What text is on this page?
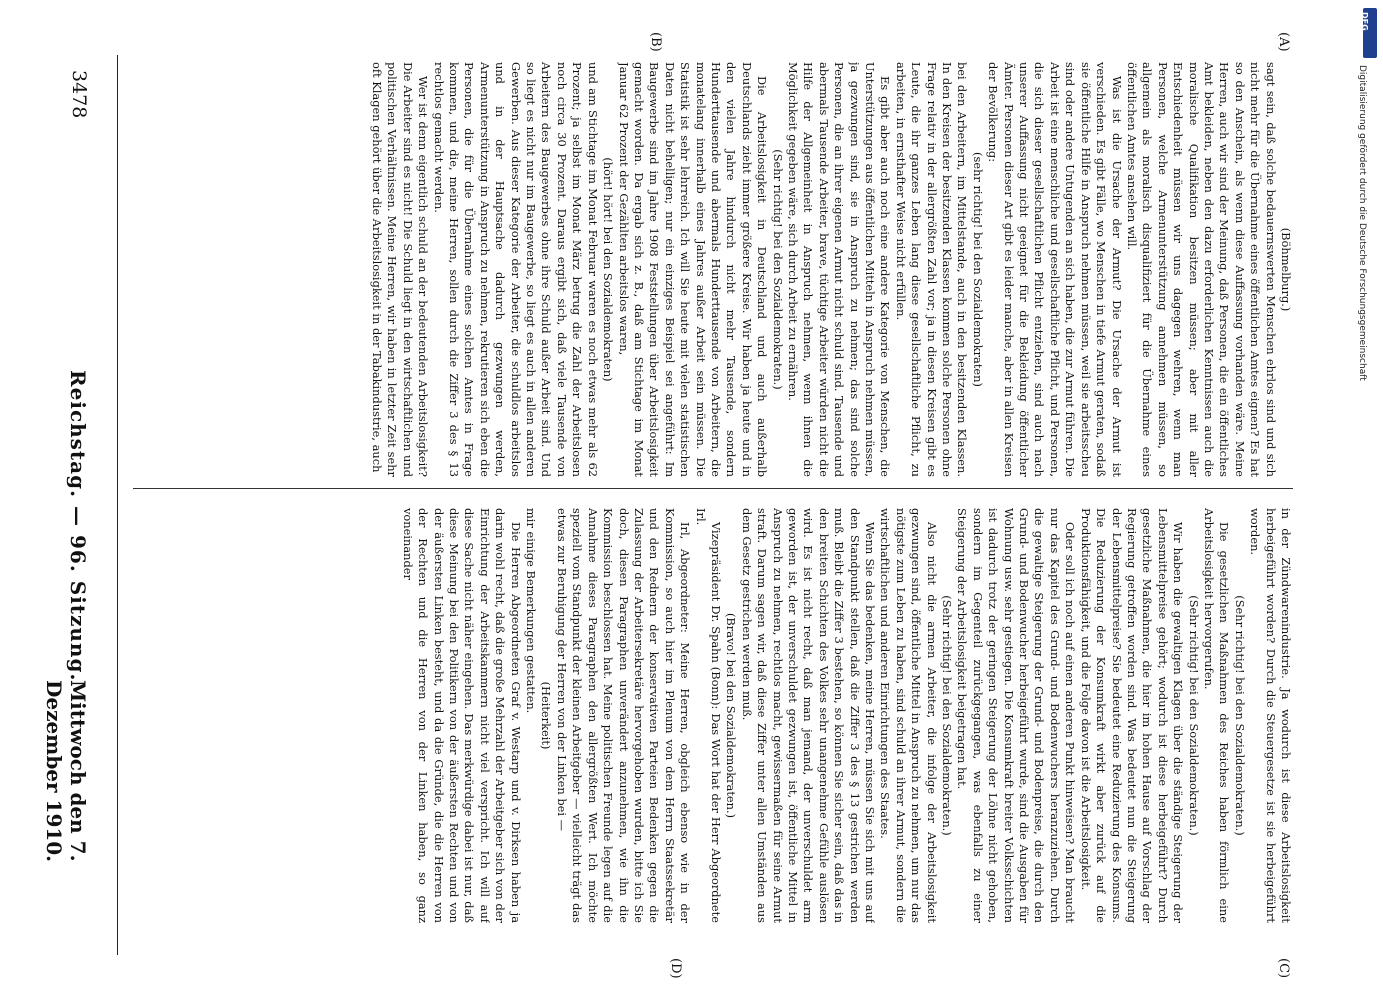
3478
Reichstag. — 96. Sitzung.
Mittwoch den 7. Dezember 1910.
(A)
(B)
(C)
(D)

(Böhmelburg.)

sagt sein, daß solche bedauernswerten Menschen ehrlos sind und sich nicht mehr für die Übernahme eines öffentlichen Amtes eignen? Es hat so den Anschein, als wenn diese Auffassung vorhanden wäre. Meine Herren, auch wir sind der Meinung, daß Personen, die ein öffentliches Amt bekleiden, neben den dazu erforderlichen Kenntnissen auch die moralische Qualifikation besitzen müssen; aber mit aller Entschiedenheit müssen wir uns dagegen wehren, wenn man Personen, welche Armenunterstützung annehmen müssen, so allgemein als moralisch disqualifiziert für die Übernahme eines öffentlichen Amtes ansehen will.

Was ist die Ursache der Armut? Die Ursache der Armut ist verschieden. Es gibt Fälle, wo Menschen in tiefe Armut geraten, sodaß sie öffentliche Hilfe in Anspruch nehmen müssen, weil sie arbeitsscheu sind oder andere Untugenden an sich haben, die zur Armut führen. Die Arbeit ist eine menschliche und gesellschaftliche Pflicht, und Personen, die sich dieser gesellschaftlichen Pflicht entziehen, sind auch nach unserer Auffassung nicht geeignet für die Bekleidung öffentlicher Ämter. Personen dieser Art gibt es leider manche, aber in allen Kreisen der Bevölkerung:

(sehr richtig! bei den Sozialdemokraten)

bei den Arbeitern, im Mittelstande, auch in den besitzenden Klassen. In den Kreisen der besitzenden Klassen kommen solche Personen ohne Frage relativ in der allergrößten Zahl vor; ja in diesen Kreisen gibt es Leute, die ihr ganzes Leben lang diese gesellschaftliche Pflicht, zu arbeiten, in ernsthafter Weise nicht erfüllen.

Es gibt aber auch noch eine andere Kategorie von Menschen, die Unterstützungen aus öffentlichen Mitteln in Anspruch nehmen müssen, ja gezwungen sind, sie in Anspruch zu nehmen; das sind solche Personen, die an ihrer eigenen Armut nicht schuld sind. Tausende und abermals Tausende Arbeiter, brave, tüchtige Arbeiter würden nicht die Hilfe der Allgemeinheit in Anspruch nehmen, wenn ihnen die Möglichkeit gegeben wäre, sich durch Arbeit zu ernähren.

(Sehr richtig! bei den Sozialdemokraten.)

Die Arbeitslosigkeit in Deutschland und auch außerhalb Deutschlands zieht immer größere Kreise. Wir haben ja heute und in den vielen Jahre hindurch nicht mehr Tausende, sondern Hunderttausende und abermals Hunderttausende von Arbeitern, die monatelang innerhalb eines Jahres außer Arbeit sein müssen. Die Statistik ist sehr lehrreich. Ich will Sie heute mit vielen statistischen Daten nicht behelligen; nur ein einziges Beispiel sei angeführt: Im Baugewerbe sind im Jahre 1908 Feststellungen über Arbeitslosigkeit gemacht worden. Da ergab sich z. B., daß am Stichtage im Monat Januar 62 Prozent der Gezählten arbeitslos waren,

(hört! hört! bei den Sozialdemokraten)

und am Stichtage im Monat Februar waren es noch etwas mehr als 62 Prozent; ja selbst im Monat März betrug die Zahl der Arbeitslosen noch circa 30 Prozent. Daraus ergibt sich, daß viele Tausende von Arbeitern des Baugewerbes ohne ihre Schuld außer Arbeit sind. Und so liegt es nicht nur im Baugewerbe, so liegt es auch in allen anderen Gewerben. Aus dieser Kategorie der Arbeiter, die schuldlos arbeitslos und in der Hauptsache dadurch gezwungen werden, Armenunterstützung in Anspruch zu nehmen, rekrutieren sich eben die Personen, die für die Übernahme eines solchen Amtes in Frage kommen, und die, meine Herren, sollen durch die Ziffer 3 des § 13 rechtlos gemacht werden.

Wer ist denn eigentlich schuld an der bedeutenden Arbeitslosigkeit? Die Arbeiter sind es nicht! Die Schuld liegt in den wirtschaftlichen und politischen Verhältnissen. Meine Herren, wir haben in letzter Zeit sehr oft Klagen gehört über die Arbeitslosigkeit in der Tabakindustrie, auch

in der Zündwarenindustrie. Ja wodurch ist diese Arbeitslosigkeit herbeigeführt worden? Durch die Steuergesetze ist sie herbeigeführt worden.

(Sehr richtig! bei den Sozialdemokraten.)

Die gesetzlichen Maßnahmen des Reiches haben förmlich eine Arbeitslosigkeit hervorgerufen.

(Sehr richtig! bei den Sozialdemokraten.)

Wir haben die gewaltigen Klagen über die ständige Steigerung der Lebensmittelpreise gehört; wodurch ist diese herbeigeführt? Durch gesetzliche Maßnahmen, die hier im hohen Hause auf Vorschlag der Regierung getroffen worden sind. Was bedeutet nun die Steigerung der Lebensmittelpreise? Sie bedeutet eine Reduzierung des Konsums. Die Reduzierung der Konsumkraft wirkt aber zurück auf die Produktionsfähigkeit, und die Folge davon ist die Arbeitslosigkeit.

Oder soll ich noch auf einen anderen Punkt hinweisen? Man braucht nur das Kapitel des Grund- und Bodenwuchers heranzuziehen. Durch die gewaltige Steigerung der Grund- und Bodenpreise, die durch den Grund- und Bodenwucher herbeigeführt wurde, sind die Ausgaben für Wohnung usw. sehr gestiegen. Die Konsumkraft breiter Volksschichten ist dadurch trotz der geringen Steigerung der Löhne nicht gehoben, sondern im Gegenteil zurückgegangen, was ebenfalls zu einer Steigerung der Arbeitslosigkeit beigetragen hat.

(Sehr richtig! bei den Sozialdemokraten.)

Also nicht die armen Arbeiter, die infolge der Arbeitslosigkeit gezwungen sind, öffentliche Mittel in Anspruch zu nehmen, um nur das nötigste zum Leben zu haben, sind schuld an ihrer Armut, sondern die wirtschaftlichen und anderen Einrichtungen des Staates.

Wenn Sie das bedenken, meine Herren, müssen Sie sich mit uns auf den Standpunkt stellen, daß die Ziffer 3 des § 13 gestrichen werden muß. Bleibt die Ziffer 3 bestehen, so können Sie sicher sein, daß das in den breiten Schichten des Volkes sehr unangenehme Gefühle auslösen wird. Es ist nicht recht, daß man jemand, der unverschuldet arm geworden ist, der unverschuldet gezwungen ist, öffentliche Mittel in Anspruch zu nehmen, rechtlos macht, gewissermaßen für seine Armut straft. Darum sagen wir, daß diese Ziffer unter allen Umständen aus dem Gesetz gestrichen werden muß.

(Bravo! bei den Sozialdemokraten.)

Vizepräsident Dr. Spahn (Bonn): Das Wort hat der Herr Abgeordnete Irl.

Irl, Abgeordneter: Meine Herren, obgleich ebenso wie in der Kommission, so auch hier im Plenum von dem Herrn Staatssekretär und den Rednern der konservativen Parteien Bedenken gegen die Zulassung der Arbeitersekretäre hervorgehoben wurden, bitte ich Sie doch, diesen Paragraphen unverändert anzunehmen, wie ihn die Kommission beschlossen hat. Meine politischen Freunde legen auf die Annahme dieses Paragraphen den allergrößten Wert. Ich möchte speziell vom Standpunkt der kleinen Arbeitgeber — vielleicht trägt das etwas zur Beruhigung der Herren von der Linken bei —

(Heiterkeit)

mir einige Bemerkungen gestatten.

Die Herren Abgeordneten Graf v. Westarp und v. Dirksen haben ja darin wohl recht, daß die große Mehrzahl der Arbeitgeber sich von der Einrichtung der Arbeitskammern nicht viel verspricht. Ich will auf diese Sache nicht näher eingehen. Das merkwürdige dabei ist nur, daß diese Meinung bei den Politikern von der äußersten Rechten und von der äußersten Linken besteht, und da die Gründe, die die Herren von der Rechten und die Herren von der Linken haben, so ganz voneinander

DFG
Digitalisierung gefördert durch die Deutsche Forschungsgemeinschaft
